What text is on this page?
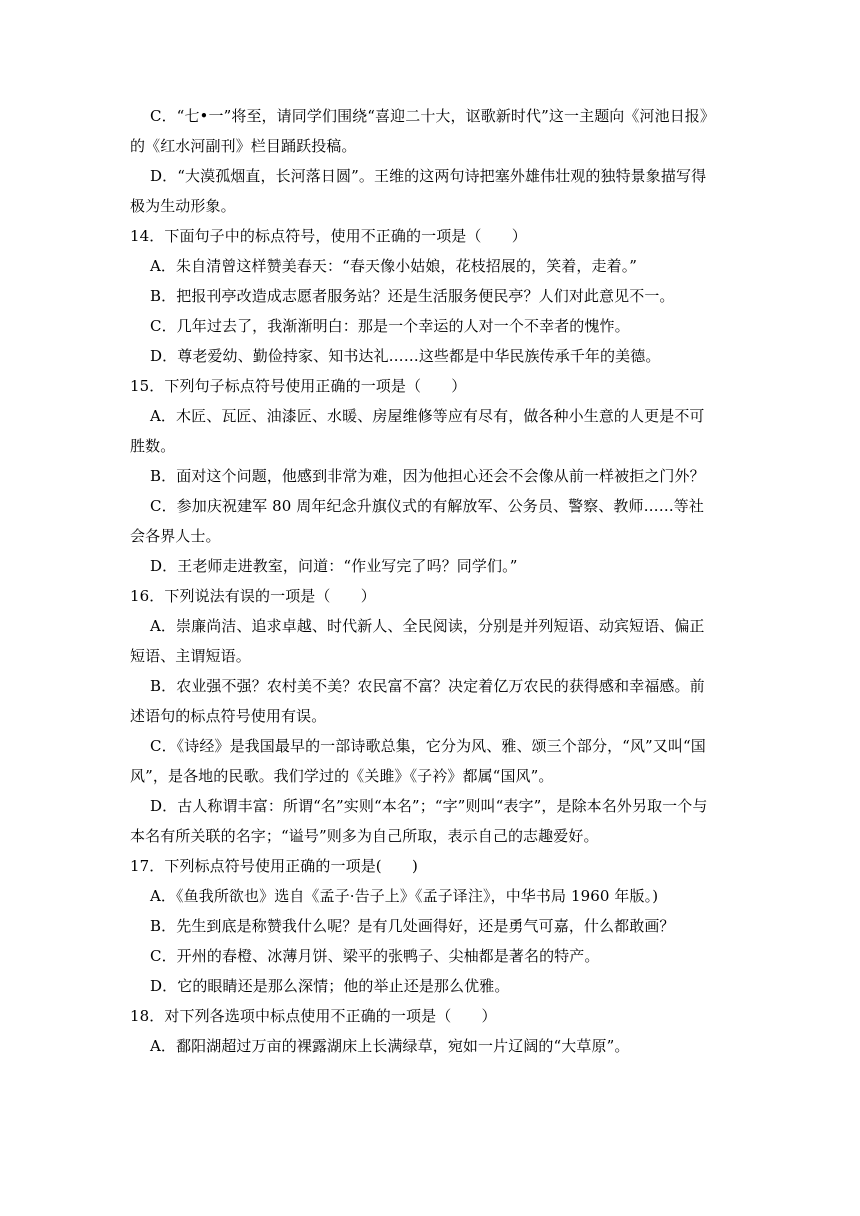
C．“七•一”将至，请同学们围绕“喜迎二十大，讴歌新时代”这一主题向《河池日报》
的《红水河副刊》栏目踊跃投稿。
D．“大漠孤烟直，长河落日圆”。王维的这两句诗把塞外雄伟壮观的独特景象描写得
极为生动形象。
14．下面句子中的标点符号，使用不正确的一项是（　　）
A．朱自清曾这样赞美春天：“春天像小姑娘，花枝招展的，笑着，走着。”
B．把报刊亭改造成志愿者服务站？还是生活服务便民亭？人们对此意见不一。
C．几年过去了，我渐渐明白：那是一个幸运的人对一个不幸者的愧怍。
D．尊老爱幼、勤俭持家、知书达礼……这些都是中华民族传承千年的美德。
15．下列句子标点符号使用正确的一项是（　　）
A．木匠、瓦匠、油漆匠、水暖、房屋维修等应有尽有，做各种小生意的人更是不可
胜数。
B．面对这个问题，他感到非常为难，因为他担心还会不会像从前一样被拒之门外？
C．参加庆祝建军 80 周年纪念升旗仪式的有解放军、公务员、警察、教师……等社
会各界人士。
D．王老师走进教室，问道：“作业写完了吗？同学们。”
16．下列说法有误的一项是（　　）
A．崇廉尚洁、追求卓越、时代新人、全民阅读，分别是并列短语、动宾短语、偏正
短语、主谓短语。
B．农业强不强？农村美不美？农民富不富？决定着亿万农民的获得感和幸福感。前
述语句的标点符号使用有误。
C．《诗经》是我国最早的一部诗歌总集，它分为风、雅、颂三个部分，“风”又叫“国
风”，是各地的民歌。我们学过的《关雎》《子衿》都属“国风”。
D．古人称谓丰富：所谓“名”实则“本名”；“字”则叫“表字”，是除本名外另取一个与
本名有所关联的名字；“谥号”则多为自己所取，表示自己的志趣爱好。
17．下列标点符号使用正确的一项是(　　)
A．《鱼我所欲也》选自《孟子·告子上》《孟子译注》，中华书局 1960 年版。)
B．先生到底是称赞我什么呢？是有几处画得好，还是勇气可嘉，什么都敢画？
C．开州的春橙、冰薄月饼、梁平的张鸭子、尖柚都是著名的特产。
D．它的眼睛还是那么深情；他的举止还是那么优雅。
18．对下列各选项中标点使用不正确的一项是（　　）
A．鄱阳湖超过万亩的裸露湖床上长满绿草，宛如一片辽阔的“大草原”。
